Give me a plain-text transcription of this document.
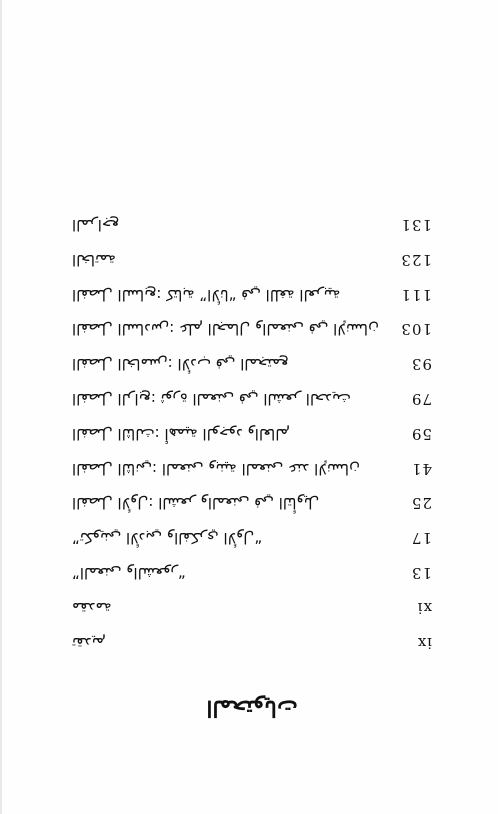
المحتويات
تقديم	ix
مقدمة	xi
”المعنى والشعور“	13
”تكويني الأدبي والفكري الأول“	17
الفصل الأول: الشعر والمعنى في التأويل	25
الفصل الثاني: المعنى وبنية المعنى عند الإنسان	41
الفصل الثالث: أهمية الوجود والعالم	59
الفصل الرابع: ثورة المعنى في الشعر الحديث	79
الفصل الخامس: الأدب في المجتمع	93
الفصل السادس: علم الجمال والمعنى في الإنسان 103
الفصل السابع: كتابة ”الأنا“ في اللغة العربية	111
الخاتمة	123
المراجع	131
